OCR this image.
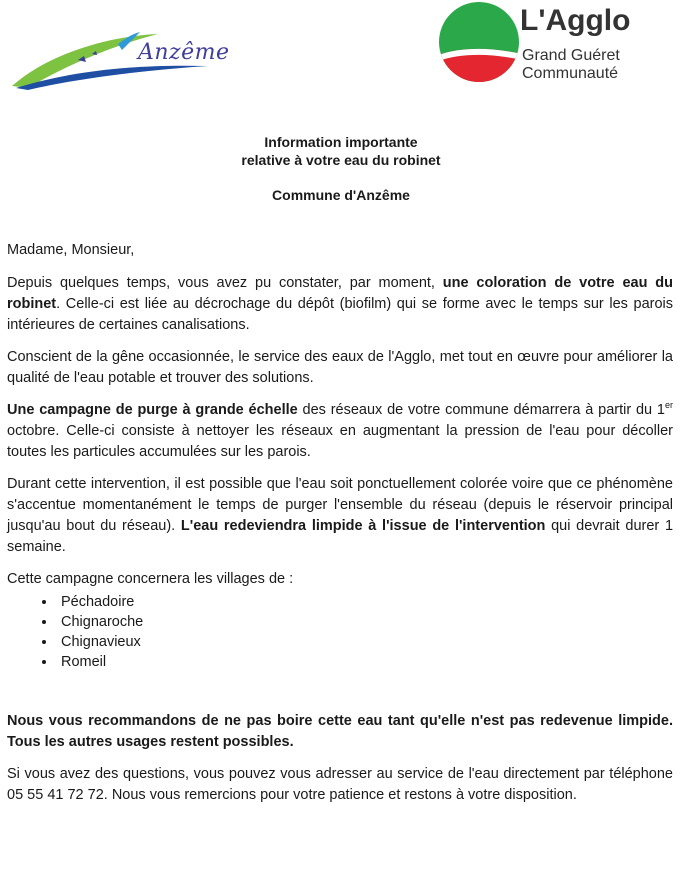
Anzême
L'Agglo
Grand Guéret
Communauté
Information importante
relative à votre eau du robinet
Commune d'Anzême

Madame, Monsieur,

Depuis quelques temps, vous avez pu constater, par moment, une coloration de votre eau du robinet. Celle-ci est liée au décrochage du dépôt (biofilm) qui se forme avec le temps sur les parois intérieures de certaines canalisations.

Conscient de la gêne occasionnée, le service des eaux de l'Agglo, met tout en œuvre pour améliorer la qualité de l'eau potable et trouver des solutions.

Une campagne de purge à grande échelle des réseaux de votre commune démarrera à partir du 1er octobre. Celle-ci consiste à nettoyer les réseaux en augmentant la pression de l'eau pour décoller toutes les particules accumulées sur les parois.

Durant cette intervention, il est possible que l'eau soit ponctuellement colorée voire que ce phénomène s'accentue momentanément le temps de purger l'ensemble du réseau (depuis le réservoir principal jusqu'au bout du réseau). L'eau redeviendra limpide à l'issue de l'intervention qui devrait durer 1 semaine.

Cette campagne concernera les villages de :

• Péchadoire
• Chignaroche
• Chignavieux
• Romeil

Nous vous recommandons de ne pas boire cette eau tant qu'elle n'est pas redevenue limpide. Tous les autres usages restent possibles.

Si vous avez des questions, vous pouvez vous adresser au service de l'eau directement par téléphone 05 55 41 72 72. Nous vous remercions pour votre patience et restons à votre disposition.
